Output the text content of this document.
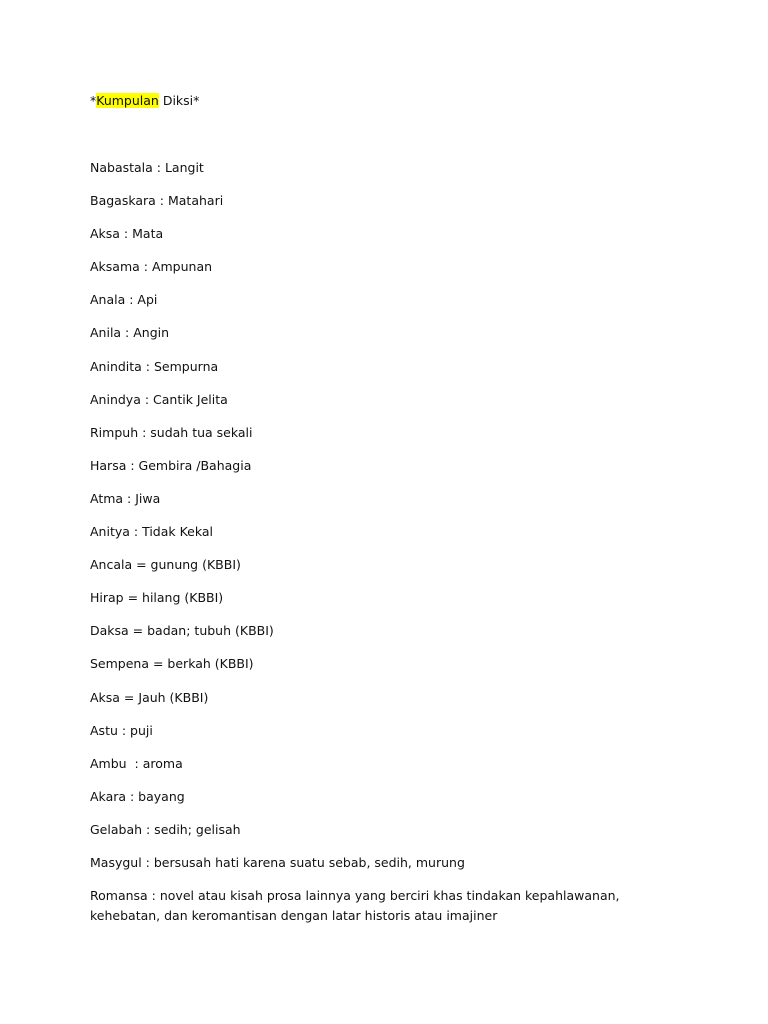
*Kumpulan Diksi*
Nabastala : Langit
Bagaskara : Matahari
Aksa : Mata
Aksama : Ampunan
Anala : Api
Anila : Angin
Anindita : Sempurna
Anindya : Cantik Jelita
Rimpuh : sudah tua sekali
Harsa : Gembira /Bahagia
Atma : Jiwa
Anitya : Tidak Kekal
Ancala = gunung (KBBI)
Hirap = hilang (KBBI)
Daksa = badan; tubuh (KBBI)
Sempena = berkah (KBBI)
Aksa = Jauh (KBBI)
Astu : puji
Ambu  : aroma
Akara : bayang
Gelabah : sedih; gelisah
Masygul : bersusah hati karena suatu sebab, sedih, murung
Romansa : novel atau kisah prosa lainnya yang berciri khas tindakan kepahlawanan, kehebatan, dan keromantisan dengan latar historis atau imajiner
